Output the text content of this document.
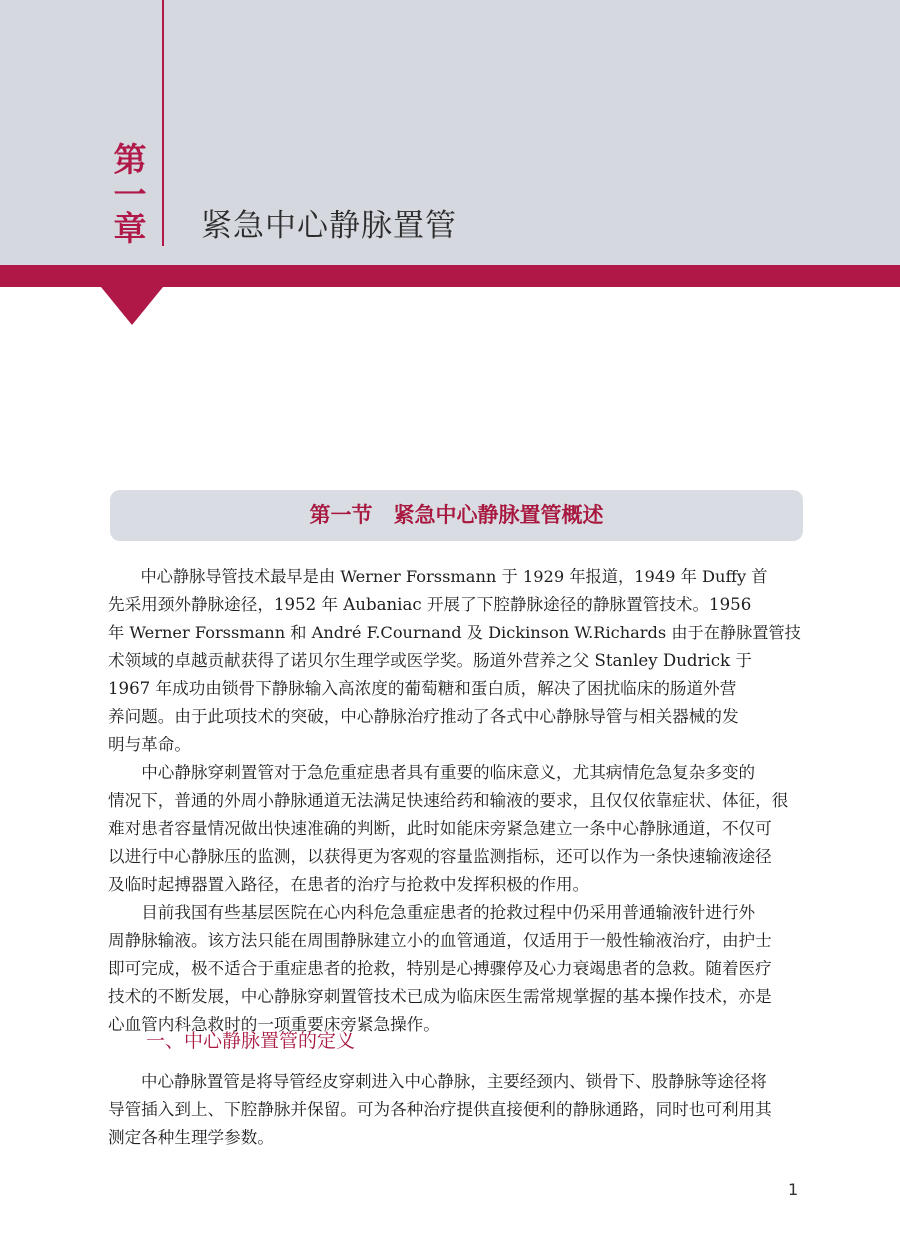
第
一
章 紧急中心静脉置管
第一节　紧急中心静脉置管概述

中心静脉导管技术最早是由 Werner Forssmann 于 1929 年报道，1949 年 Duffy 首
先采用颈外静脉途径，1952 年 Aubaniac 开展了下腔静脉途径的静脉置管技术。1956
年 Werner Forssmann 和 André F.Cournand 及 Dickinson W.Richards 由于在静脉置管技
术领域的卓越贡献获得了诺贝尔生理学或医学奖。肠道外营养之父 Stanley Dudrick 于
1967 年成功由锁骨下静脉输入高浓度的葡萄糖和蛋白质，解决了困扰临床的肠道外营
养问题。由于此项技术的突破，中心静脉治疗推动了各式中心静脉导管与相关器械的发
明与革命。

中心静脉穿刺置管对于急危重症患者具有重要的临床意义，尤其病情危急复杂多变的
情况下，普通的外周小静脉通道无法满足快速给药和输液的要求，且仅仅依靠症状、体征，很
难对患者容量情况做出快速准确的判断，此时如能床旁紧急建立一条中心静脉通道，不仅可
以进行中心静脉压的监测，以获得更为客观的容量监测指标，还可以作为一条快速输液途径
及临时起搏器置入路径，在患者的治疗与抢救中发挥积极的作用。

目前我国有些基层医院在心内科危急重症患者的抢救过程中仍采用普通输液针进行外
周静脉输液。该方法只能在周围静脉建立小的血管通道，仅适用于一般性输液治疗，由护士
即可完成，极不适合于重症患者的抢救，特别是心搏骤停及心力衰竭患者的急救。随着医疗
技术的不断发展，中心静脉穿刺置管技术已成为临床医生需常规掌握的基本操作技术，亦是
心血管内科急救时的一项重要床旁紧急操作。

一、中心静脉置管的定义

中心静脉置管是将导管经皮穿刺进入中心静脉，主要经颈内、锁骨下、股静脉等途径将
导管插入到上、下腔静脉并保留。可为各种治疗提供直接便利的静脉通路，同时也可利用其
测定各种生理学参数。

1
